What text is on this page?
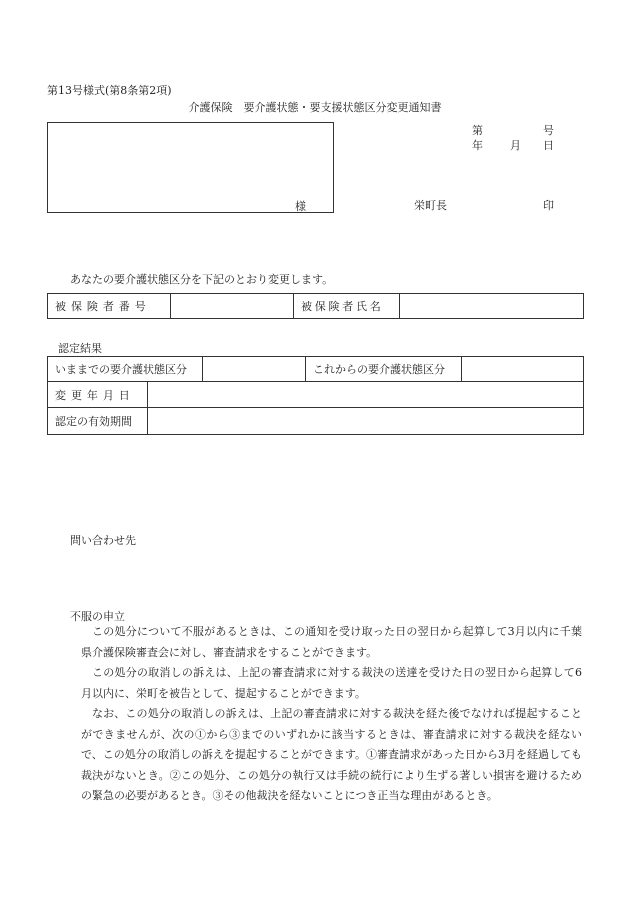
第13号様式(第8条第2項)
介護保険　要介護状態・要支援状態区分変更通知書
様
第	号
年 月 日
栄町長	印
あなたの要介護状態区分を下記のとおり変更します。
被保険者番号		被保険者氏名	
認定結果
いままでの要介護状態区分			これからの要介護状態区分	
変更年月日				
認定の有効期間				
問い合わせ先
不服の申立

この処分について不服があるときは、この通知を受け取った日の翌日から起算して3月以内に千葉県介護保険審査会に対し、審査請求をすることができます。

この処分の取消しの訴えは、上記の審査請求に対する裁決の送達を受けた日の翌日から起算して6月以内に、栄町を被告として、提起することができます。

なお、この処分の取消しの訴えは、上記の審査請求に対する裁決を経た後でなければ提起することができませんが、次の①から③までのいずれかに該当するときは、審査請求に対する裁決を経ないで、この処分の取消しの訴えを提起することができます。①審査請求があった日から3月を経過しても裁決がないとき。②この処分、この処分の執行又は手続の続行により生ずる著しい損害を避けるための緊急の必要があるとき。③その他裁決を経ないことにつき正当な理由があるとき。
